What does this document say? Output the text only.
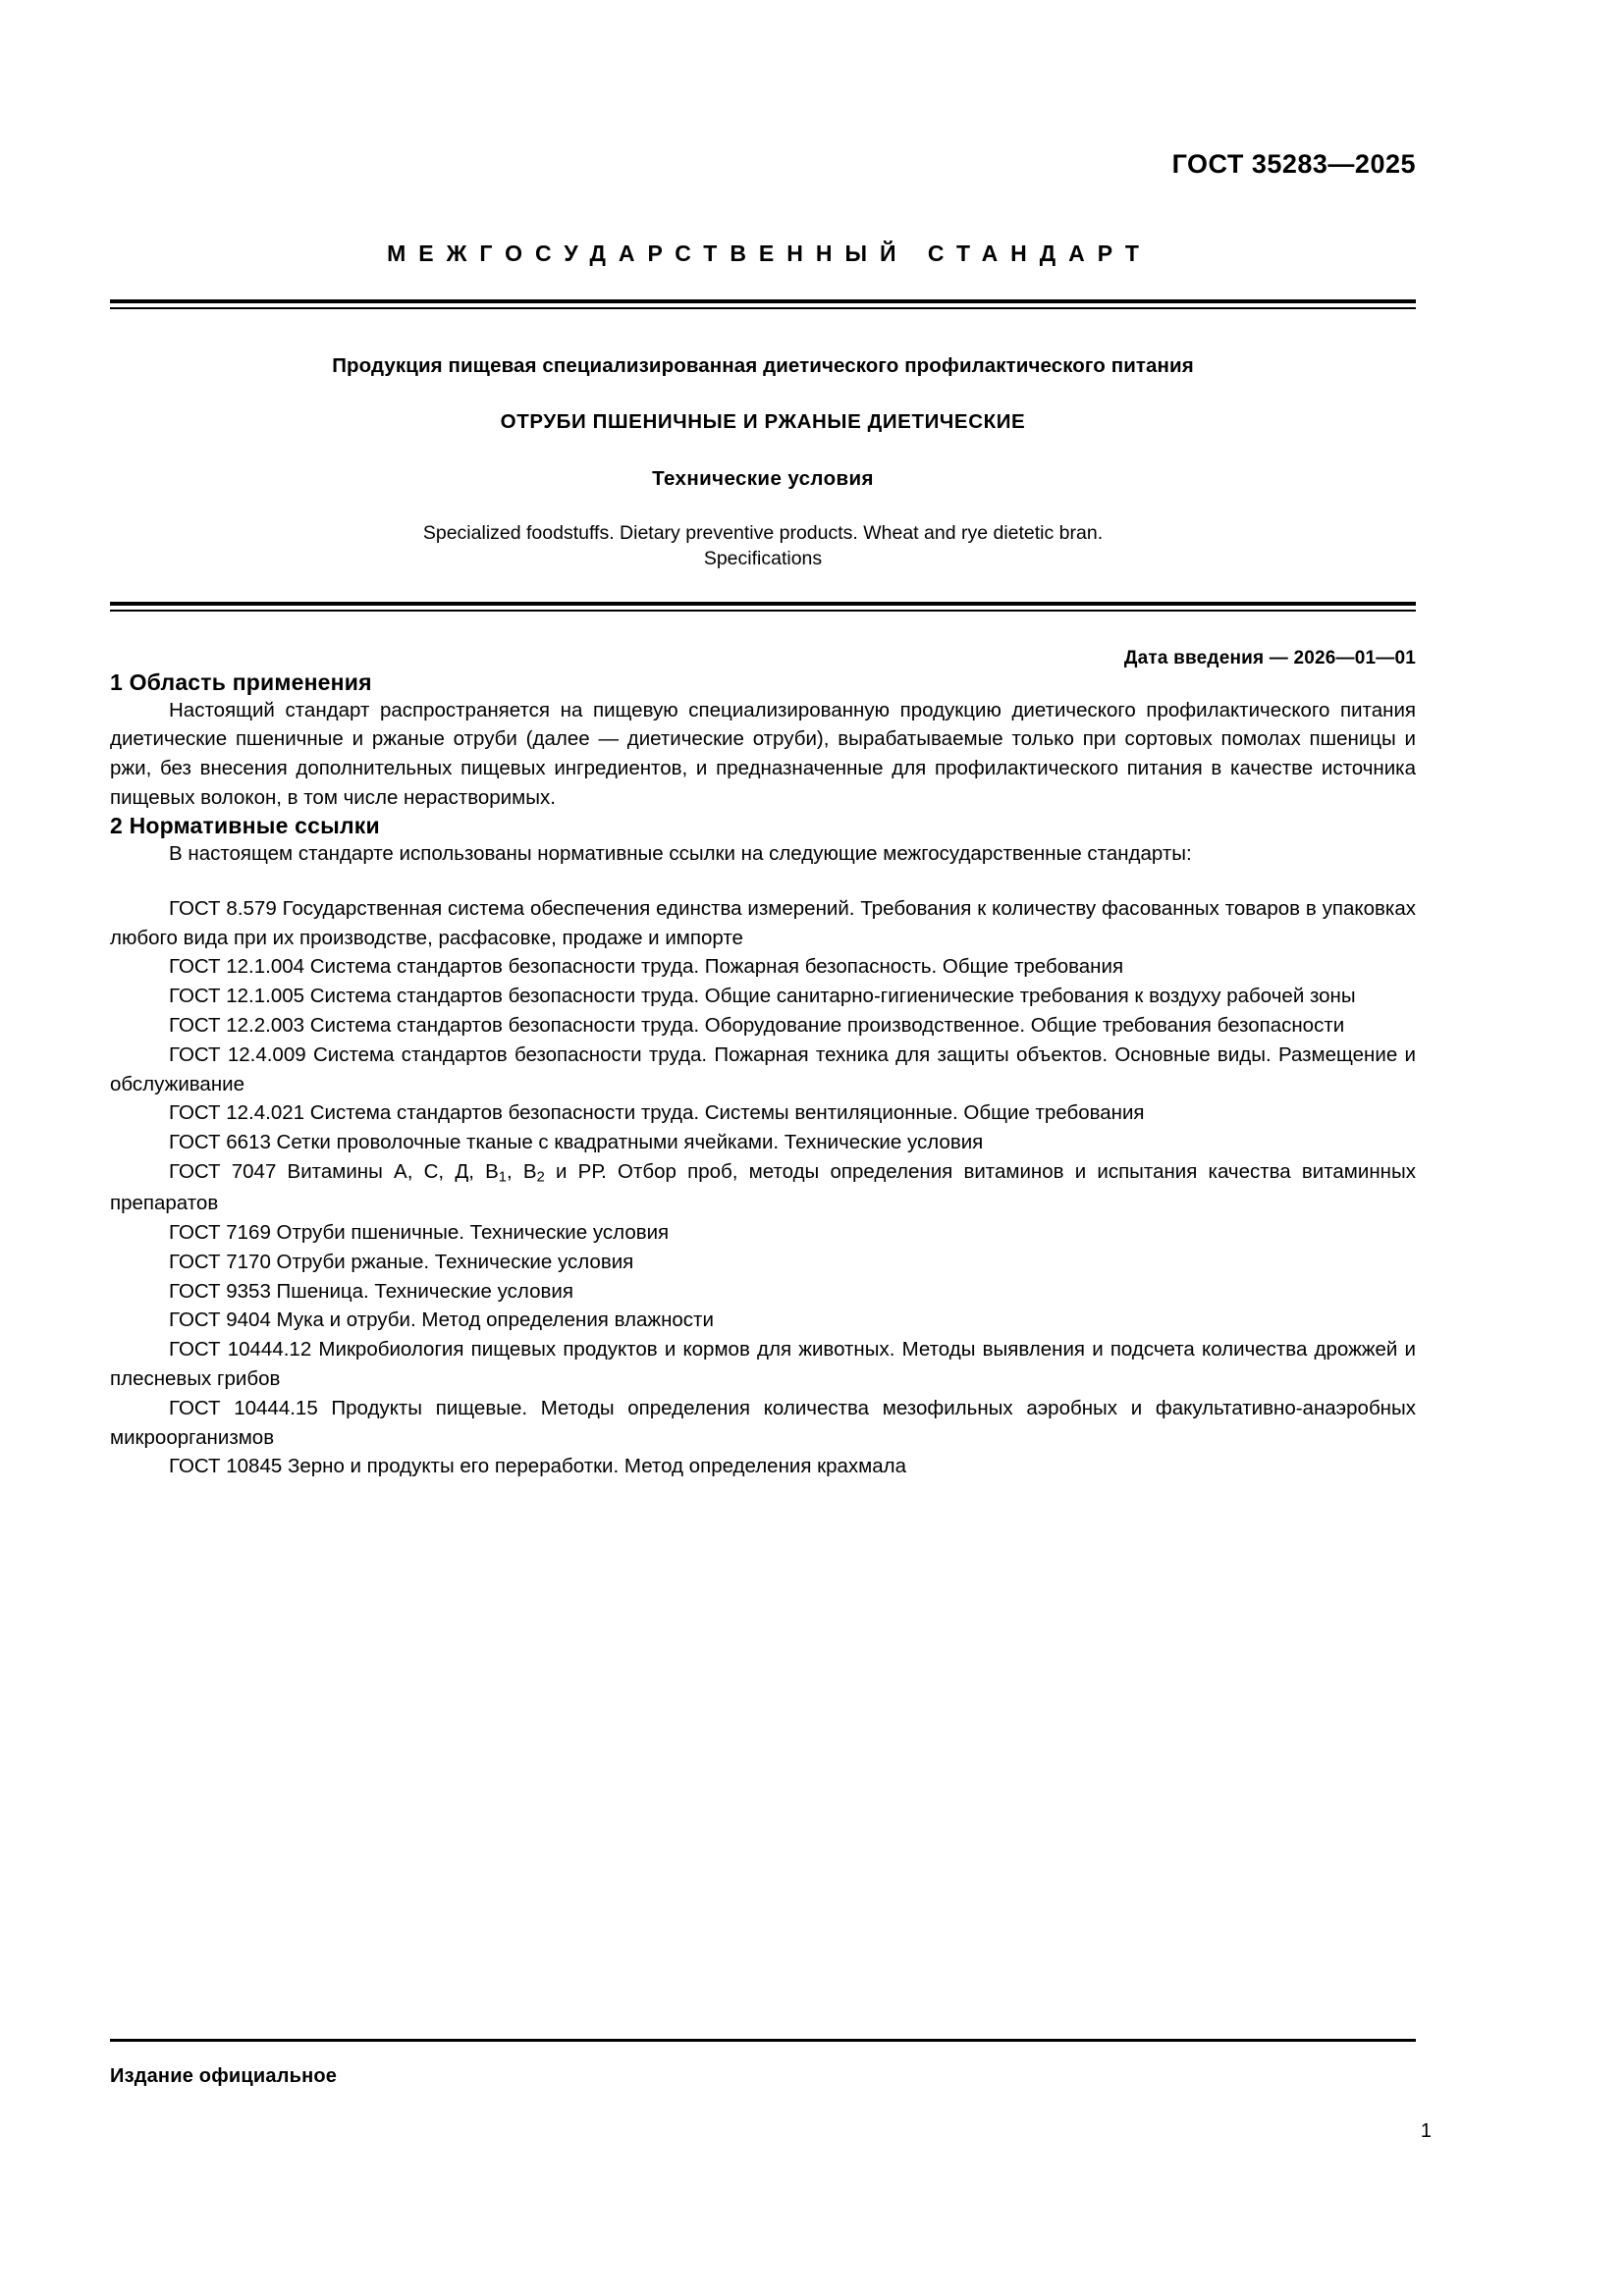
ГОСТ 35283—2025
МЕЖГОСУДАРСТВЕННЫЙ СТАНДАРТ
Продукция пищевая специализированная диетического профилактического питания
ОТРУБИ ПШЕНИЧНЫЕ И РЖАНЫЕ ДИЕТИЧЕСКИЕ
Технические условия
Specialized foodstuffs. Dietary preventive products. Wheat and rye dietetic bran.
Specifications
Дата введения — 2026—01—01
1 Область применения

Настоящий стандарт распространяется на пищевую специализированную продукцию диетического профилактического питания диетические пшеничные и ржаные отруби (далее — диетические отруби), вырабатываемые только при сортовых помолах пшеницы и ржи, без внесения дополнительных пищевых ингредиентов, и предназначенные для профилактического питания в качестве источника пищевых волокон, в том числе нерастворимых.

2 Нормативные ссылки

В настоящем стандарте использованы нормативные ссылки на следующие межгосударственные стандарты:

ГОСТ 8.579 Государственная система обеспечения единства измерений. Требования к количеству фасованных товаров в упаковках любого вида при их производстве, расфасовке, продаже и импорте

ГОСТ 12.1.004 Система стандартов безопасности труда. Пожарная безопасность. Общие требования

ГОСТ 12.1.005 Система стандартов безопасности труда. Общие санитарно-гигиенические требования к воздуху рабочей зоны

ГОСТ 12.2.003 Система стандартов безопасности труда. Оборудование производственное. Общие требования безопасности

ГОСТ 12.4.009 Система стандартов безопасности труда. Пожарная техника для защиты объектов. Основные виды. Размещение и обслуживание

ГОСТ 12.4.021 Система стандартов безопасности труда. Системы вентиляционные. Общие требования

ГОСТ 6613 Сетки проволочные тканые с квадратными ячейками. Технические условия

ГОСТ 7047 Витамины А, С, Д, $В_1$, $В_2$ и РР. Отбор проб, методы определения витаминов и испытания качества витаминных препаратов

ГОСТ 7169 Отруби пшеничные. Технические условия

ГОСТ 7170 Отруби ржаные. Технические условия

ГОСТ 9353 Пшеница. Технические условия

ГОСТ 9404 Мука и отруби. Метод определения влажности

ГОСТ 10444.12 Микробиология пищевых продуктов и кормов для животных. Методы выявления и подсчета количества дрожжей и плесневых грибов

ГОСТ 10444.15 Продукты пищевые. Методы определения количества мезофильных аэробных и факультативно-анаэробных микроорганизмов

ГОСТ 10845 Зерно и продукты его переработки. Метод определения крахмала

Издание официальное
1
